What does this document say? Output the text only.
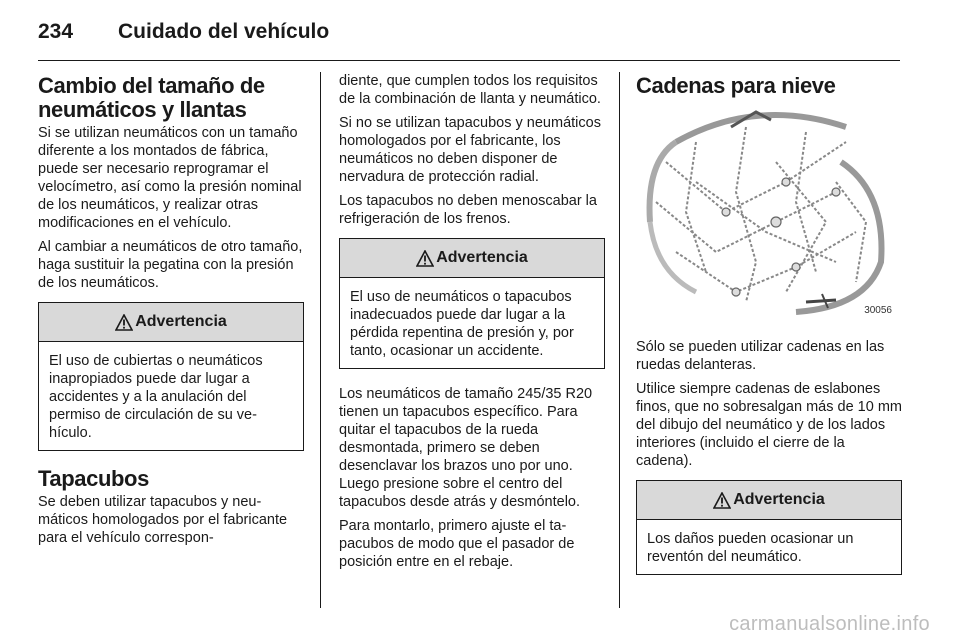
234 Cuidado del vehículo
Cambio del tamaño de neumáticos y llantas

Si se utilizan neumáticos con un tamaño diferente a los montados de fábrica, puede ser necesario reprogramar el velocímetro, así como la presión nominal de los neumáticos, y realizar otras modificaciones en el vehículo.

Al cambiar a neumáticos de otro tamaño, haga sustituir la pegatina con la presión de los neumáticos.

Advertencia

El uso de cubiertas o neumáticos inapropiados puede dar lugar a accidentes y a la anulación del permiso de circulación de su vehículo.

Tapacubos

Se deben utilizar tapacubos y neumáticos homologados por el fabricante para el vehículo correspon-

diente, que cumplen todos los requisitos de la combinación de llanta y neumático.

Si no se utilizan tapacubos y neumáticos homologados por el fabricante, los neumáticos no deben disponer de nervadura de protección radial.

Los tapacubos no deben menoscabar la refrigeración de los frenos.

Advertencia

El uso de neumáticos o tapacubos inadecuados puede dar lugar a la pérdida repentina de presión y, por tanto, ocasionar un accidente.

Los neumáticos de tamaño 245/35 R20 tienen un tapacubos específico. Para quitar el tapacubos de la rueda desmontada, primero se deben desenclavar los brazos uno por uno. Luego presione sobre el centro del tapacubos desde atrás y desmóntelo.

Para montarlo, primero ajuste el tapacubos de modo que el pasador de posición entre en el rebaje.

Cadenas para nieve
30056

Sólo se pueden utilizar cadenas en las ruedas delanteras.

Utilice siempre cadenas de eslabones finos, que no sobresalgan más de 10 mm del dibujo del neumático y de los lados interiores (incluido el cierre de la cadena).

Advertencia

Los daños pueden ocasionar un reventón del neumático.

carmanualsonline.info
